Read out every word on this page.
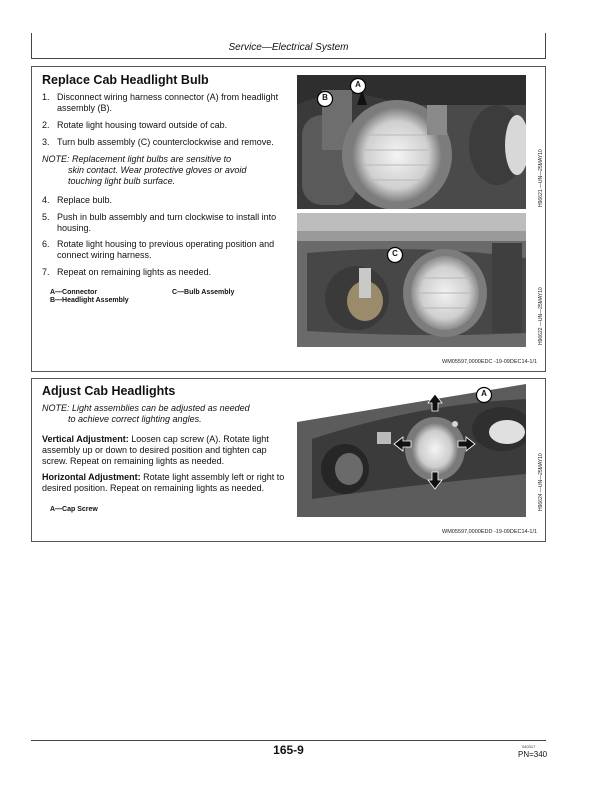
Service—Electrical System
Replace Cab Headlight Bulb
1. Disconnect wiring harness connector (A) from headlight assembly (B).
2. Rotate light housing toward outside of cab.
3. Turn bulb assembly (C) counterclockwise and remove.
NOTE: Replacement light bulbs are sensitive to
skin contact. Wear protective gloves or avoid touching light bulb surface.
4. Replace bulb.
5. Push in bulb assembly and turn clockwise to install into housing.
6. Rotate light housing to previous operating position and connect wiring harness.
7. Repeat on remaining lights as needed.
A—Connector
B—Headlight Assembly
C—Bulb Assembly
A
B
H96621 —UN—25MAY10
C
H96622 —UN—25MAY10
WM05597,0000EDC -19-09DEC14-1/1
Adjust Cab Headlights
NOTE: Light assemblies can be adjusted as needed
to achieve correct lighting angles.
Vertical Adjustment: Loosen cap screw (A). Rotate light assembly up or down to desired position and tighten cap screw. Repeat on remaining lights as needed.
Horizontal Adjustment: Rotate light assembly left or right to desired position. Repeat on remaining lights as needed.
A—Cap Screw
A
H96624 —UN—25MAY10
WM05597,0000EDD -19-09DEC14-1/1
165-9	040317
PN=340
